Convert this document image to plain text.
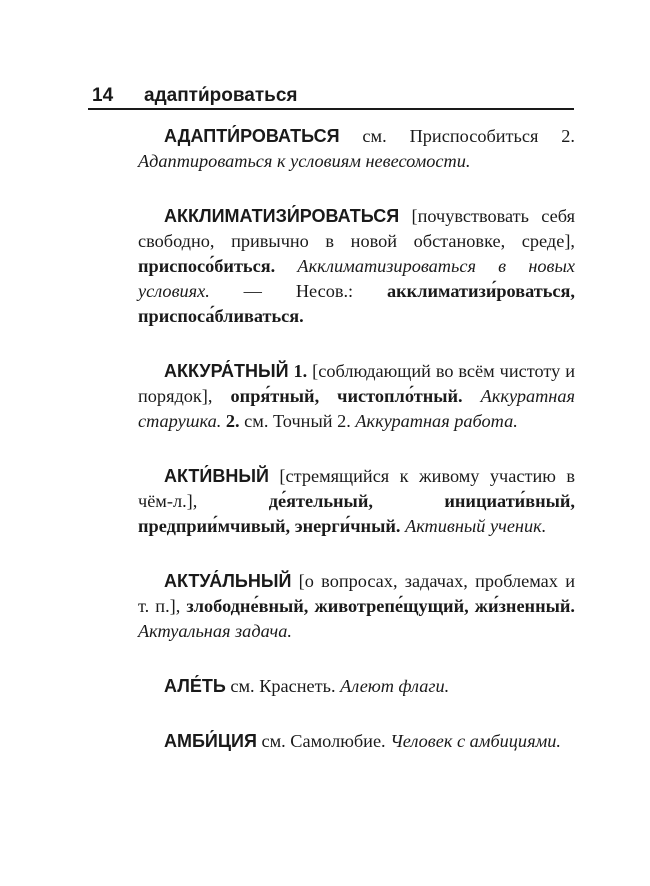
14 адапти́роваться

АДАПТИ́РОВАТЬСЯ см. Приспособиться 2. Адаптироваться к условиям невесомости.

АККЛИМАТИЗИ́РОВАТЬСЯ [почувствовать себя свободно, привычно в новой обстановке, среде], приспосо́биться. Акклиматизироваться в новых условиях. — Несов.: акклиматизи́роваться, приспоса́бливаться.

АККУРА́ТНЫЙ 1. [соблюдающий во всём чистоту и порядок], опря́тный, чистопло́тный. Аккуратная старушка. 2. см. Точный 2. Аккуратная работа.

АКТИ́ВНЫЙ [стремящийся к живому участию в чём-л.], де́ятельный, инициати́вный, предприи́мчивый, энерги́чный. Активный ученик.

АКТУА́ЛЬНЫЙ [о вопросах, задачах, проблемах и т. п.], злободне́вный, животрепе́щущий, жи́зненный. Актуальная задача.

АЛЕ́ТЬ см. Краснеть. Алеют флаги.

АМБИ́ЦИЯ см. Самолюбие. Человек с амбициями.
